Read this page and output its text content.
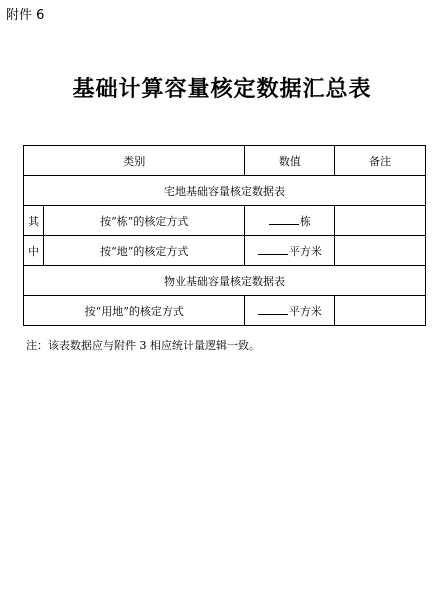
附件 6
基础计算容量核定数据汇总表
类别		数值	备注
宅地基础容量核定数据表			
其	按“栋”的核定方式	栋	
中	按“地”的核定方式	平方米	
物业基础容量核定数据表			
按“用地”的核定方式		平方米	
注：该表数据应与附件 3 相应统计量逻辑一致。
